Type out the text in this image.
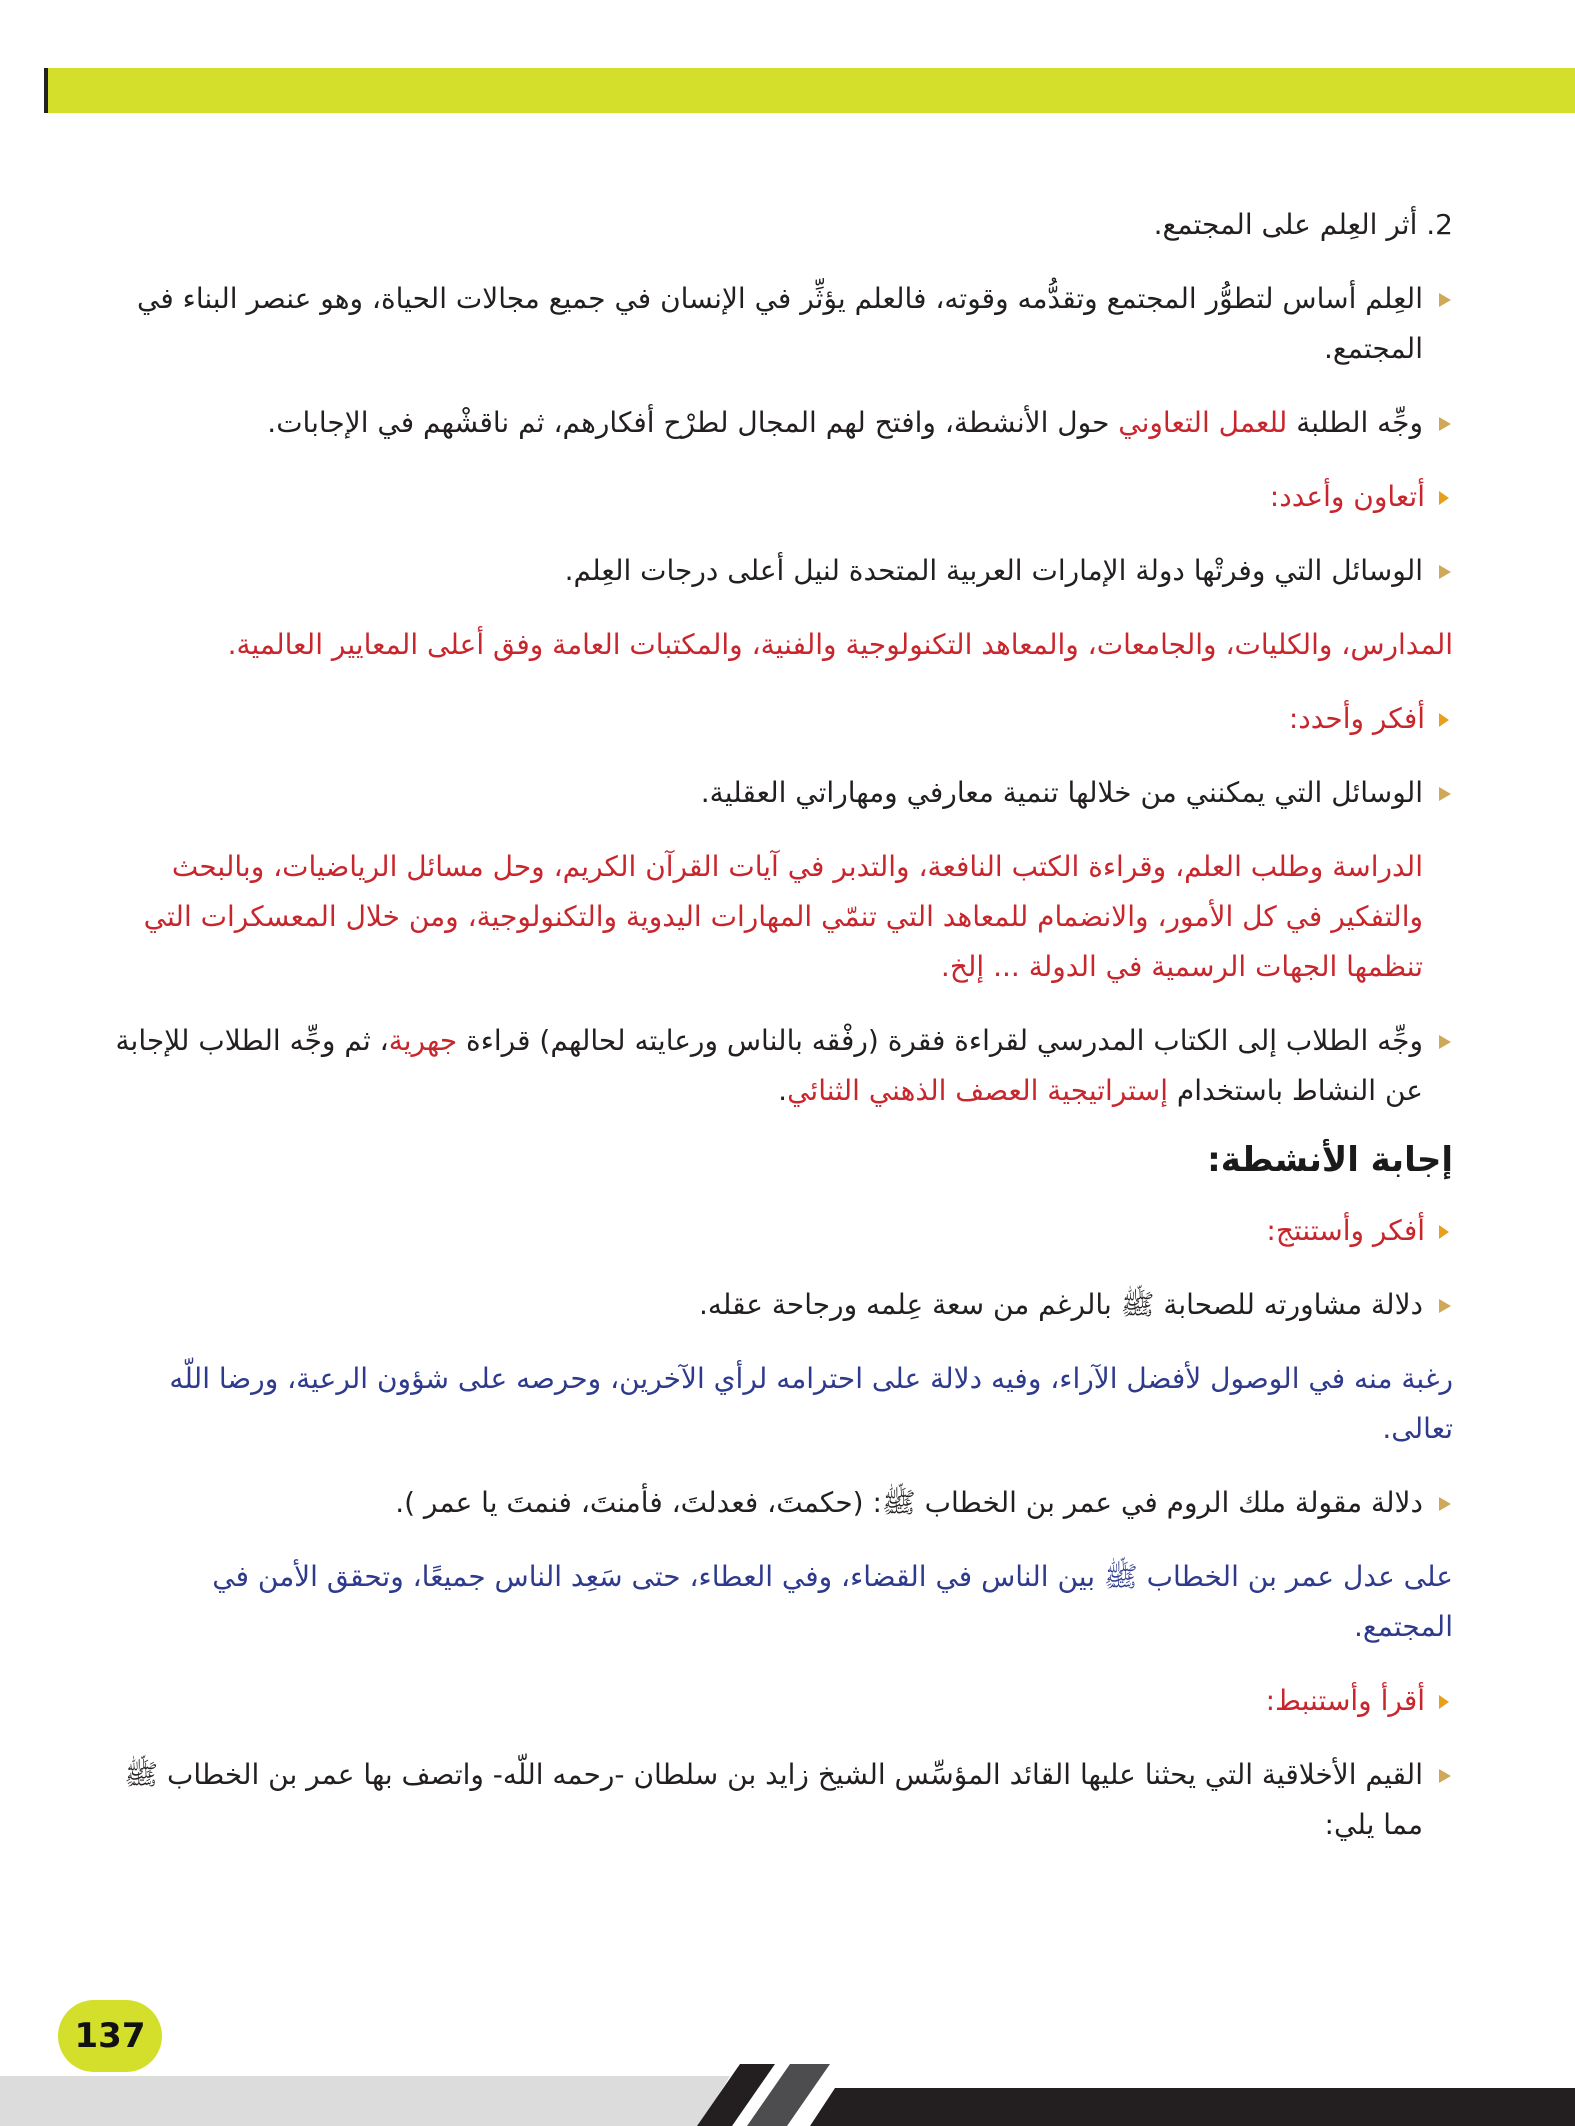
2. أثر العِلم على المجتمع.

العِلم أساس لتطوُّر المجتمع وتقدُّمه وقوته، فالعلم يؤثِّر في الإنسان في جميع مجالات الحياة، وهو عنصر البناء في المجتمع.

وجِّه الطلبة للعمل التعاوني حول الأنشطة، وافتح لهم المجال لطرْح أفكارهم، ثم ناقشْهم في الإجابات.

أتعاون وأعدد:

الوسائل التي وفرتْها دولة الإمارات العربية المتحدة لنيل أعلى درجات العِلم.

المدارس، والكليات، والجامعات، والمعاهد التكنولوجية والفنية، والمكتبات العامة وفق أعلى المعايير العالمية.

أفكر وأحدد:

الوسائل التي يمكنني من خلالها تنمية معارفي ومهاراتي العقلية.

الدراسة وطلب العلم، وقراءة الكتب النافعة، والتدبر في آيات القرآن الكريم، وحل مسائل الرياضيات، وبالبحث والتفكير في كل الأمور، والانضمام للمعاهد التي تنمّي المهارات اليدوية والتكنولوجية، ومن خلال المعسكرات التي تنظمها الجهات الرسمية في الدولة ... إلخ.

وجِّه الطلاب إلى الكتاب المدرسي لقراءة فقرة (رفْقه بالناس ورعايته لحالهم) قراءة جهرية، ثم وجِّه الطلاب للإجابة عن النشاط باستخدام إستراتيجية العصف الذهني الثنائي.

إجابة الأنشطة:

أفكر وأستنتج:

دلالة مشاورته للصحابة ﷺ بالرغم من سعة عِلمه ورجاحة عقله.

رغبة منه في الوصول لأفضل الآراء، وفيه دلالة على احترامه لرأي الآخرين، وحرصه على شؤون الرعية، ورضا اللّه تعالى.

دلالة مقولة ملك الروم في عمر بن الخطاب ﷺ: (حكمتَ، فعدلتَ، فأمنتَ، فنمتَ يا عمر ).

على عدل عمر بن الخطاب ﷺ بين الناس في القضاء، وفي العطاء، حتى سَعِد الناس جميعًا، وتحقق الأمن في المجتمع.

أقرأ وأستنبط:

القيم الأخلاقية التي يحثنا عليها القائد المؤسِّس الشيخ زايد بن سلطان -رحمه اللّه- واتصف بها عمر بن الخطاب ﷺ مما يلي:

137
